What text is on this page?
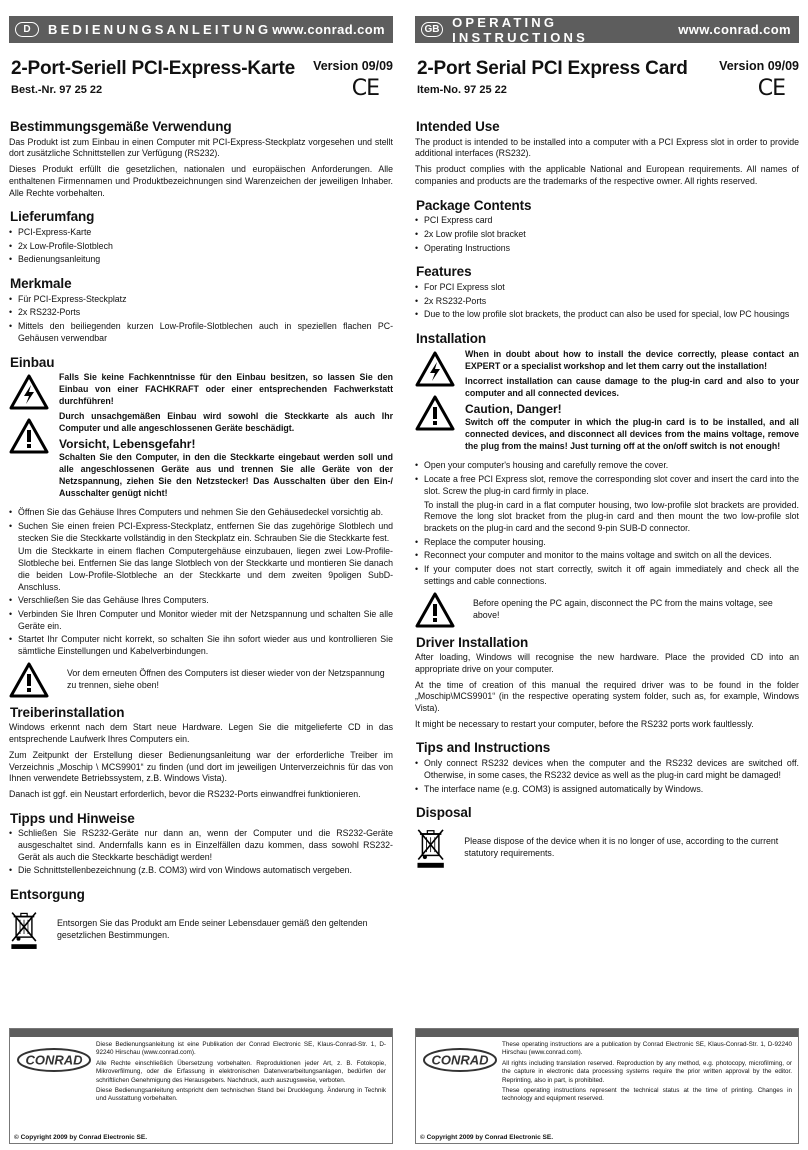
D	BEDIENUNGSANLEITUNG www.conrad.com
2-Port-Seriell PCI-Express-Karte
Best.-Nr. 97 25 22
Version 09/09
CE
Bestimmungsgemäße Verwendung

Das Produkt ist zum Einbau in einen Computer mit PCI-Express-Steckplatz vorgesehen und stellt dort zusätzliche Schnittstellen zur Verfügung (RS232).

Dieses Produkt erfüllt die gesetzlichen, nationalen und europäischen Anforderungen. Alle enthaltenen Firmennamen und Produktbezeichnungen sind Warenzeichen der jeweiligen Inhaber. Alle Rechte vorbehalten.

Lieferumfang
• PCI-Express-Karte
• 2x Low-Profile-Slotblech
• Bedienungsanleitung
Merkmale
• Für PCI-Express-Steckplatz
• 2x RS232-Ports
• Mittels den beiliegenden kurzen Low-Profile-Slotblechen auch in speziellen flachen PC-Gehäusen verwendbar
Einbau

Falls Sie keine Fachkenntnisse für den Einbau besitzen, so lassen Sie den Einbau von einer FACHKRAFT oder einer entsprechenden Fachwerkstatt durchführen!

Durch unsachgemäßen Einbau wird sowohl die Steckkarte als auch Ihr Computer und alle angeschlossenen Geräte beschädigt.

Vorsicht, Lebensgefahr!

Schalten Sie den Computer, in den die Steckkarte eingebaut werden soll und alle angeschlossenen Geräte aus und trennen Sie alle Geräte von der Netzspannung, ziehen Sie den Netzstecker! Das Ausschalten über den Ein-/ Ausschalter genügt nicht!

• Öffnen Sie das Gehäuse Ihres Computers und nehmen Sie den Gehäusedeckel vorsichtig ab.
• Suchen Sie einen freien PCI-Express-Steckplatz, entfernen Sie das zugehörige Slotblech und stecken Sie die Steckkarte vollständig in den Steckplatz ein. Schrauben Sie die Steckkarte fest.
Um die Steckkarte in einem flachen Computergehäuse einzubauen, liegen zwei Low-Profile-Slotbleche bei. Entfernen Sie das lange Slotblech von der Steckkarte und montieren Sie danach die beiden Low-Profile-Slotbleche an der Steckkarte und dem zweiten 9poligen SubD-Anschluss.
• Verschließen Sie das Gehäuse Ihres Computers.
• Verbinden Sie Ihren Computer und Monitor wieder mit der Netzspannung und schalten Sie alle Geräte ein.
• Startet Ihr Computer nicht korrekt, so schalten Sie ihn sofort wieder aus und kontrollieren Sie sämtliche Einstellungen und Kabelverbindungen.
Vor dem erneuten Öffnen des Computers ist dieser wieder von der Netzspannung zu trennen, siehe oben!
Treiberinstallation

Windows erkennt nach dem Start neue Hardware. Legen Sie die mitgelieferte CD in das entsprechende Laufwerk Ihres Computers ein.

Zum Zeitpunkt der Erstellung dieser Bedienungsanleitung war der erforderliche Treiber im Verzeichnis „Moschip \ MCS9901“ zu finden (und dort im jeweiligen Unterverzeichnis für das von Ihnen verwendete Betriebssystem, z.B. Windows Vista).

Danach ist ggf. ein Neustart erforderlich, bevor die RS232-Ports einwandfrei funktionieren.

Tipps und Hinweise
• Schließen Sie RS232-Geräte nur dann an, wenn der Computer und die RS232-Geräte ausgeschaltet sind. Andernfalls kann es in Einzelfällen dazu kommen, dass sowohl RS232-Gerät als auch die Steckkarte beschädigt werden!
• Die Schnittstellenbezeichnung (z.B. COM3) wird von Windows automatisch vergeben.
Entsorgung
Entsorgen Sie das Produkt am Ende seiner Lebensdauer gemäß den geltenden gesetzlichen Bestimmungen.
CONRAD

Diese Bedienungsanleitung ist eine Publikation der Conrad Electronic SE, Klaus-Conrad-Str. 1, D-92240 Hirschau (www.conrad.com).

Alle Rechte einschließlich Übersetzung vorbehalten. Reproduktionen jeder Art, z. B. Fotokopie, Mikroverfilmung, oder die Erfassung in elektronischen Datenverarbeitungsanlagen, bedürfen der schriftlichen Genehmigung des Herausgebers. Nachdruck, auch auszugsweise, verboten.

Diese Bedienungsanleitung entspricht dem technischen Stand bei Drucklegung. Änderung in Technik und Ausstattung vorbehalten.

© Copyright 2009 by Conrad Electronic SE.
GB OPERATING INSTRUCTIONS	www.conrad.com
2-Port Serial PCI Express Card
Item-No. 97 25 22
Version 09/09
CE
Intended Use

The product is intended to be installed into a computer with a PCI Express slot in order to provide additional interfaces (RS232).

This product complies with the applicable National and European requirements. All names of companies and products are the trademarks of the respective owner. All rights reserved.

Package Contents
• PCI Express card
• 2x Low profile slot bracket
• Operating Instructions
Features
• For PCI Express slot
• 2x RS232-Ports
• Due to the low profile slot brackets, the product can also be used for special, low PC housings
Installation

When in doubt about how to install the device correctly, please contact an EXPERT or a specialist workshop and let them carry out the installation!

Incorrect installation can cause damage to the plug-in card and also to your computer and all connected devices.

Caution, Danger!

Switch off the computer in which the plug-in card is to be installed, and all connected devices, and disconnect all devices from the mains voltage, remove the plug from the mains! Just turning off at the on/off switch is not enough!

• Open your computer's housing and carefully remove the cover.
• Locate a free PCI Express slot, remove the corresponding slot cover and insert the card into the slot. Screw the plug-in card firmly in place.
To install the plug-in card in a flat computer housing, two low-profile slot brackets are provided. Remove the long slot bracket from the plug-in card and then mount the two low-profile slot brackets on the plug-in card and the second 9-pin SUB-D connector.
• Replace the computer housing.
• Reconnect your computer and monitor to the mains voltage and switch on all the devices.
• If your computer does not start correctly, switch it off again immediately and check all the settings and cable connections.
Before opening the PC again, disconnect the PC from the mains voltage, see above!
Driver Installation

After loading, Windows will recognise the new hardware. Place the provided CD into an appropriate drive on your computer.

At the time of creation of this manual the required driver was to be found in the folder „Moschip\MCS9901“ (in the respective operating system folder, such as, for example, Windows Vista).

It might be necessary to restart your computer, before the RS232 ports work faultlessly.

Tips and Instructions
• Only connect RS232 devices when the computer and the RS232 devices are switched off. Otherwise, in some cases, the RS232 device as well as the plug-in card might be damaged!
• The interface name (e.g. COM3) is assigned automatically by Windows.
Disposal
Please dispose of the device when it is no longer of use, according to the current statutory requirements.
CONRAD

These operating instructions are a publication by Conrad Electronic SE, Klaus-Conrad-Str. 1, D-92240 Hirschau (www.conrad.com).

All rights including translation reserved. Reproduction by any method, e.g. photocopy, microfilming, or the capture in electronic data processing systems require the prior written approval by the editor. Reprinting, also in part, is prohibited.

These operating instructions represent the technical status at the time of printing. Changes in technology and equipment reserved.

© Copyright 2009 by Conrad Electronic SE.
